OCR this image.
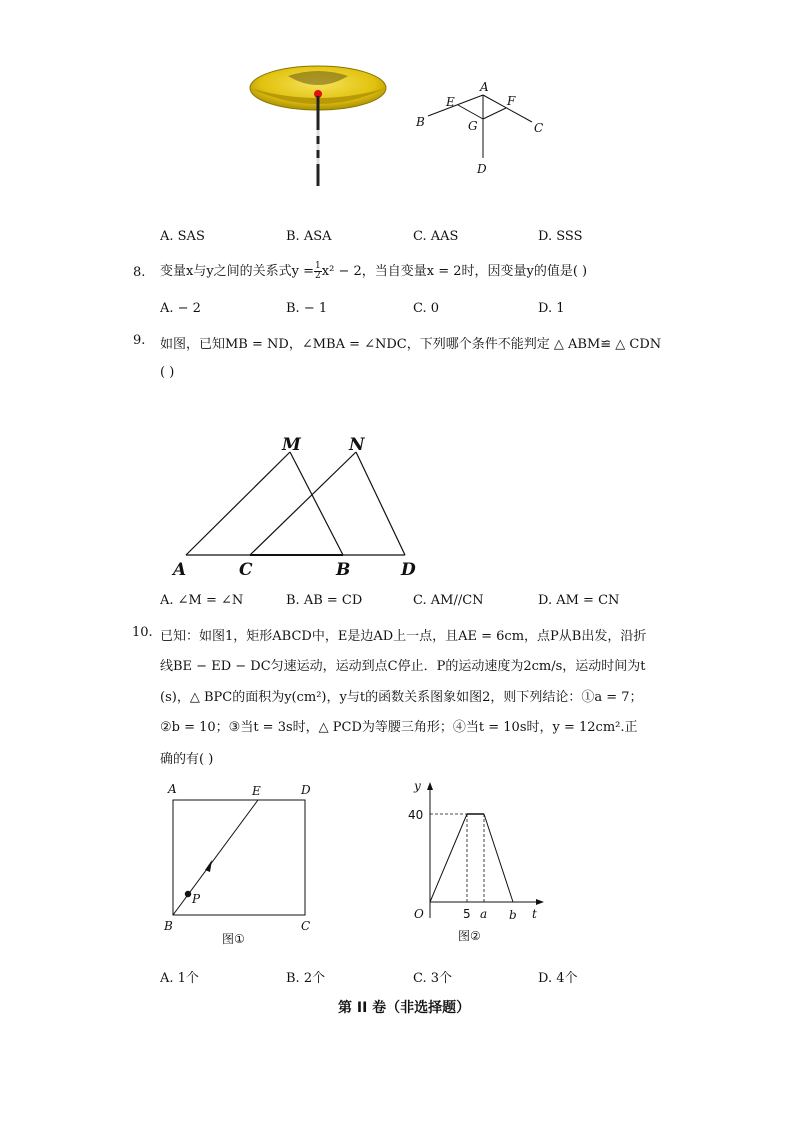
A
B	C
D
E	F
G
A. SAS	B. ASA	C. AAS	D. SSS
8. 变量x与y之间的关系式$y = \frac{1}{2} x^2 - 2$，当自变量x = 2时，因变量y的值是( )
A. − 2	B. − 1	C. 0	D. 1
9. 如图，已知MB = ND，∠MBA = ∠NDC，下列哪个条件不能判定 △ ABM≌ △ CDN
( )
M	N
A	C	B	D
A. ∠M = ∠N	B. AB = CD	C. AM//CN	D. AM = CN
10. 已知：如图1，矩形ABCD中，E是边AD上一点，且AE = 6cm，点P从B出发，沿折
线BE − ED − DC匀速运动，运动到点C停止．P的运动速度为2cm/s，运动时间为t
(s)，△ BPC的面积为y(cm²)，y与t的函数关系图象如图2，则下列结论：①a = 7；
②b = 10；③当t = 3s时，△ PCD为等腰三角形；④当t = 10s时，y = 12cm².正
确的有( )
A	E	D
B	C
P
图①
y
t
O
40
5 a b
图②
A. 1个	B. 2个	C. 3个	D. 4个
第 II 卷（非选择题）
